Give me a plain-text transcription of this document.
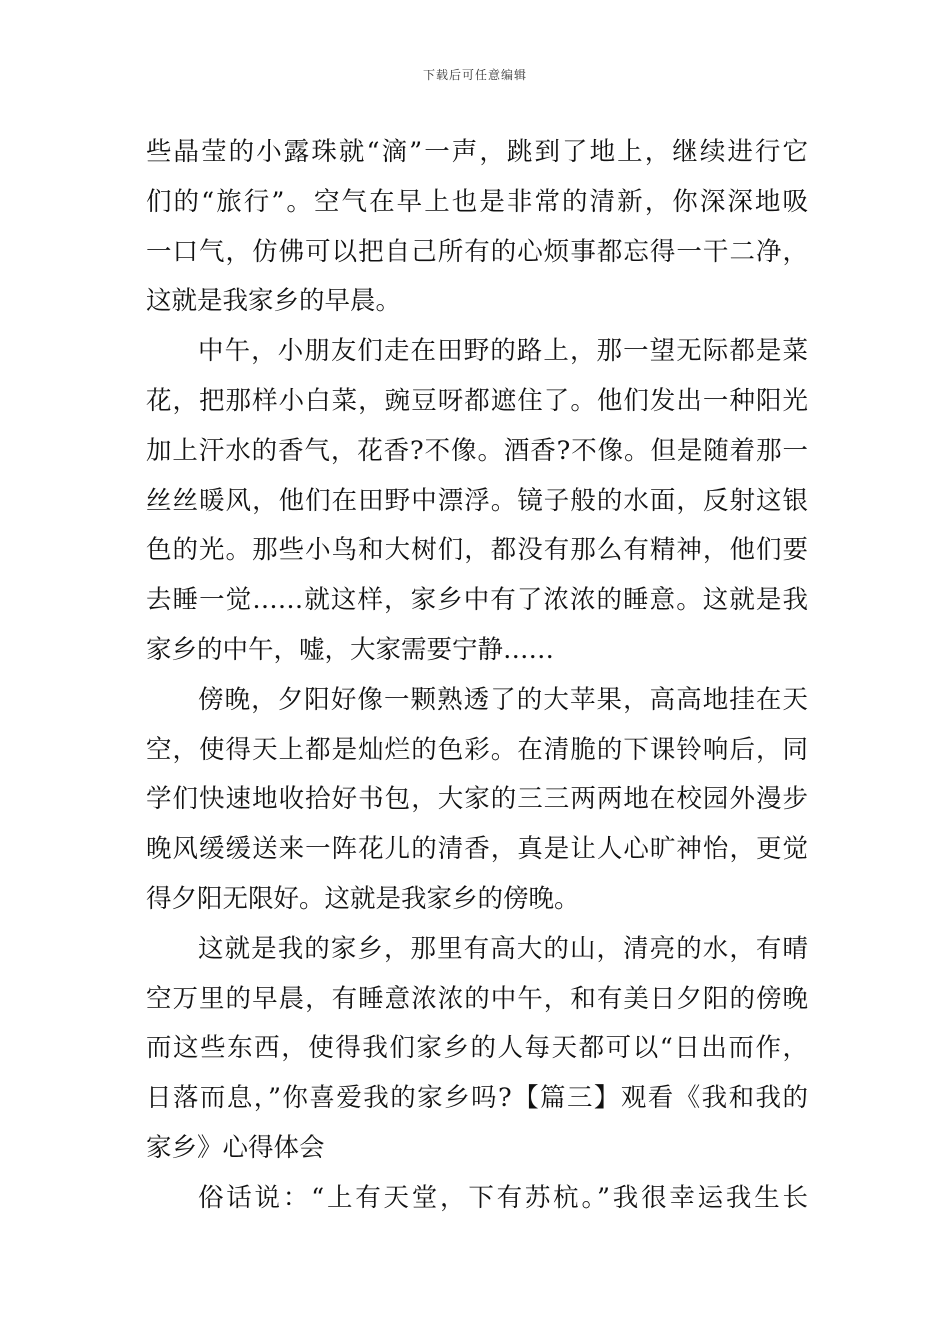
下载后可任意编辑
些晶莹的小露珠就“滴”一声，跳到了地上，继续进行它
们的“旅行”。空气在早上也是非常的清新，你深深地吸
一口气，仿佛可以把自己所有的心烦事都忘得一干二净，
这就是我家乡的早晨。
中午，小朋友们走在田野的路上，那一望无际都是菜
花，把那样小白菜，豌豆呀都遮住了。他们发出一种阳光
加上汗水的香气，花香?不像。酒香?不像。但是随着那一
丝丝暖风，他们在田野中漂浮。镜子般的水面，反射这银
色的光。那些小鸟和大树们，都没有那么有精神，他们要
去睡一觉……就这样，家乡中有了浓浓的睡意。这就是我
家乡的中午，嘘，大家需要宁静……
傍晚，夕阳好像一颗熟透了的大苹果，高高地挂在天
空，使得天上都是灿烂的色彩。在清脆的下课铃响后，同
学们快速地收拾好书包，大家的三三两两地在校园外漫步
晚风缓缓送来一阵花儿的清香，真是让人心旷神怡，更觉
得夕阳无限好。这就是我家乡的傍晚。
这就是我的家乡，那里有高大的山，清亮的水，有晴
空万里的早晨，有睡意浓浓的中午，和有美日夕阳的傍晚
而这些东西，使得我们家乡的人每天都可以“日出而作，
日落而息，”你喜爱我的家乡吗?【篇三】观看《我和我的
家乡》心得体会
俗话说：“上有天堂，下有苏杭。”我很幸运我生长
